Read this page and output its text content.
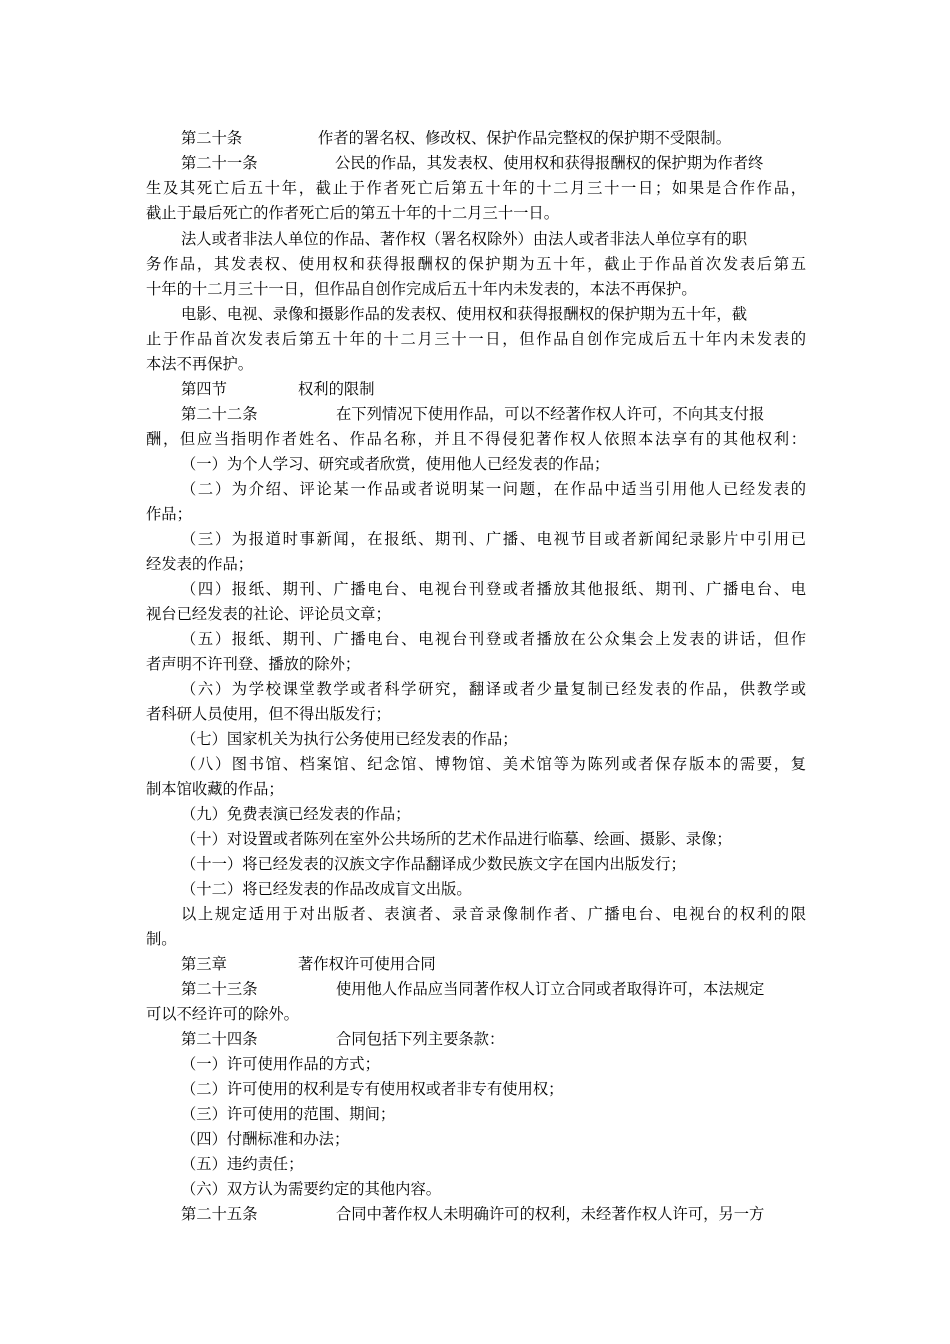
第二十条	作者的署名权、修改权、保护作品完整权的保护期不受限制。
第二十一条	公民的作品，其发表权、使用权和获得报酬权的保护期为作者终
生及其死亡后五十年，截止于作者死亡后第五十年的十二月三十一日；如果是合作作品，
截止于最后死亡的作者死亡后的第五十年的十二月三十一日。
法人或者非法人单位的作品、著作权（署名权除外）由法人或者非法人单位享有的职
务作品，其发表权、使用权和获得报酬权的保护期为五十年，截止于作品首次发表后第五
十年的十二月三十一日，但作品自创作完成后五十年内未发表的，本法不再保护。
电影、电视、录像和摄影作品的发表权、使用权和获得报酬权的保护期为五十年，截
止于作品首次发表后第五十年的十二月三十一日，但作品自创作完成后五十年内未发表的
本法不再保护。
第四节	权利的限制
第二十二条	在下列情况下使用作品，可以不经著作权人许可，不向其支付报
酬，但应当指明作者姓名、作品名称，并且不得侵犯著作权人依照本法享有的其他权利：
（一）为个人学习、研究或者欣赏，使用他人已经发表的作品；
（二）为介绍、评论某一作品或者说明某一问题，在作品中适当引用他人已经发表的
作品；
（三）为报道时事新闻，在报纸、期刊、广播、电视节目或者新闻纪录影片中引用已
经发表的作品；
（四）报纸、期刊、广播电台、电视台刊登或者播放其他报纸、期刊、广播电台、电
视台已经发表的社论、评论员文章；
（五）报纸、期刊、广播电台、电视台刊登或者播放在公众集会上发表的讲话，但作
者声明不许刊登、播放的除外；
（六）为学校课堂教学或者科学研究，翻译或者少量复制已经发表的作品，供教学或
者科研人员使用，但不得出版发行；
（七）国家机关为执行公务使用已经发表的作品；
（八）图书馆、档案馆、纪念馆、博物馆、美术馆等为陈列或者保存版本的需要，复
制本馆收藏的作品；
（九）免费表演已经发表的作品；
（十）对设置或者陈列在室外公共场所的艺术作品进行临摹、绘画、摄影、录像；
（十一）将已经发表的汉族文字作品翻译成少数民族文字在国内出版发行；
（十二）将已经发表的作品改成盲文出版。
以上规定适用于对出版者、表演者、录音录像制作者、广播电台、电视台的权利的限
制。
第三章	著作权许可使用合同
第二十三条	使用他人作品应当同著作权人订立合同或者取得许可，本法规定
可以不经许可的除外。
第二十四条	合同包括下列主要条款：
（一）许可使用作品的方式；
（二）许可使用的权利是专有使用权或者非专有使用权；
（三）许可使用的范围、期间；
（四）付酬标准和办法；
（五）违约责任；
（六）双方认为需要约定的其他内容。
第二十五条	合同中著作权人未明确许可的权利，未经著作权人许可，另一方
